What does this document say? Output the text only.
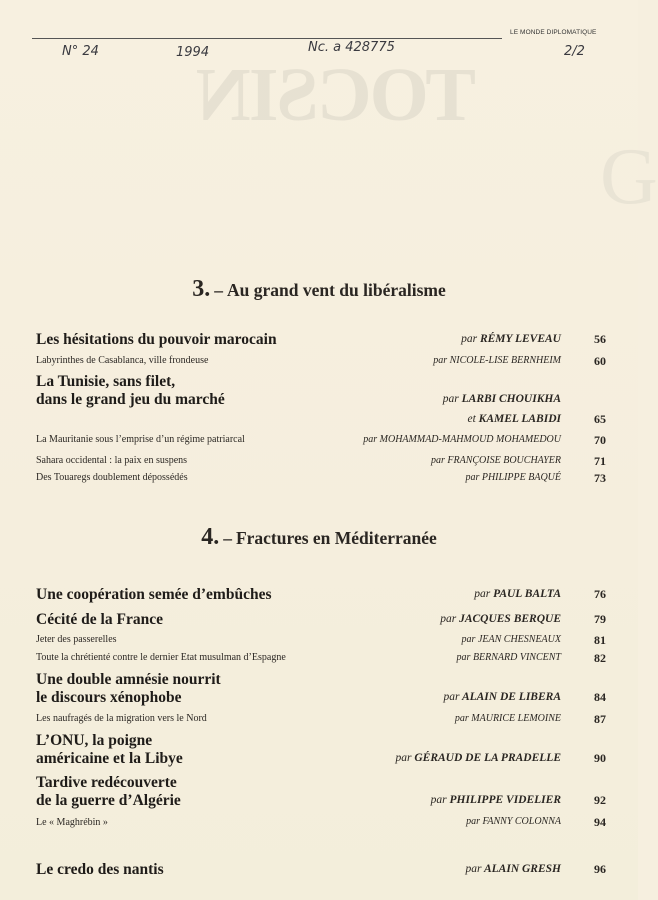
TOCSIN
G
LE MONDE DIPLOMATIQUE
N° 24	1994	Nc. a 428775	2/2
3. – Au grand vent du libéralisme
Les hésitations du pouvoir marocain	par RÉMY LEVEAU	56
Labyrinthes de Casablanca, ville frondeuse	par NICOLE-LISE BERNHEIM	60
La Tunisie, sans filet,
dans le grand jeu du marché	par LARBI CHOUIKHA
et KAMEL LABIDI	65
La Mauritanie sous l’emprise d’un régime patriarcal	par MOHAMMAD-MAHMOUD MOHAMEDOU	70
Sahara occidental : la paix en suspens	par FRANÇOISE BOUCHAYER	71
Des Touaregs doublement dépossédés	par PHILIPPE BAQUÉ	73
4. – Fractures en Méditerranée
Une coopération semée d’embûches	par PAUL BALTA	76
Cécité de la France	par JACQUES BERQUE	79
Jeter des passerelles	par JEAN CHESNEAUX	81
Toute la chrétienté contre le dernier Etat musulman d’Espagne	par BERNARD VINCENT	82
Une double amnésie nourrit
le discours xénophobe	par ALAIN DE LIBERA	84
Les naufragés de la migration vers le Nord	par MAURICE LEMOINE	87
L’ONU, la poigne
américaine et la Libye	par GÉRAUD DE LA PRADELLE	90
Tardive redécouverte
de la guerre d’Algérie	par PHILIPPE VIDELIER	92
Le « Maghrébin »	par FANNY COLONNA	94
Le credo des nantis	par ALAIN GRESH	96
